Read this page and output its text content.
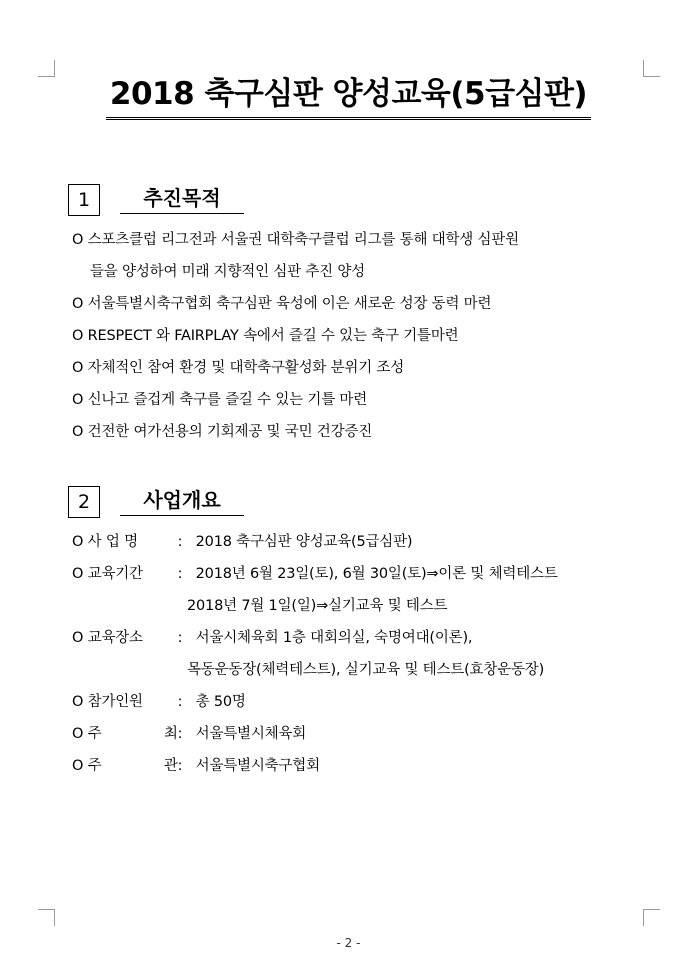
2018 축구심판 양성교육(5급심판)
1	추진목적
O 스포츠클럽 리그전과 서울권 대학축구클럽 리그를 통해 대학생 심판원
들을 양성하여 미래 지향적인 심판 추진 양성
O 서울특별시축구협회 축구심판 육성에 이은 새로운 성장 동력 마련
O RESPECT 와 FAIRPLAY 속에서 즐길 수 있는 축구 기틀마련
O 자체적인 참여 환경 및 대학축구활성화 분위기 조성
O 신나고 즐겁게 축구를 즐길 수 있는 기틀 마련
O 건전한 여가선용의 기회제공 및 국민 건강증진
2	사업개요
O 사 업 명	: 2018 축구심판 양성교육(5급심판)
O 교육기간 : 2018년 6월 23일(토), 6월 30일(토)⇒이론 및 체력테스트
2018년 7월 1일(일)⇒실기교육 및 테스트
O 교육장소 : 서울시체육회 1층 대회의실, 숙명여대(이론),
목동운동장(체력테스트), 실기교육 및 테스트(효창운동장)
O 참가인원 : 총 50명
O 주	최 : 서울특별시체육회
O 주	관 : 서울특별시축구협회
- 2 -
